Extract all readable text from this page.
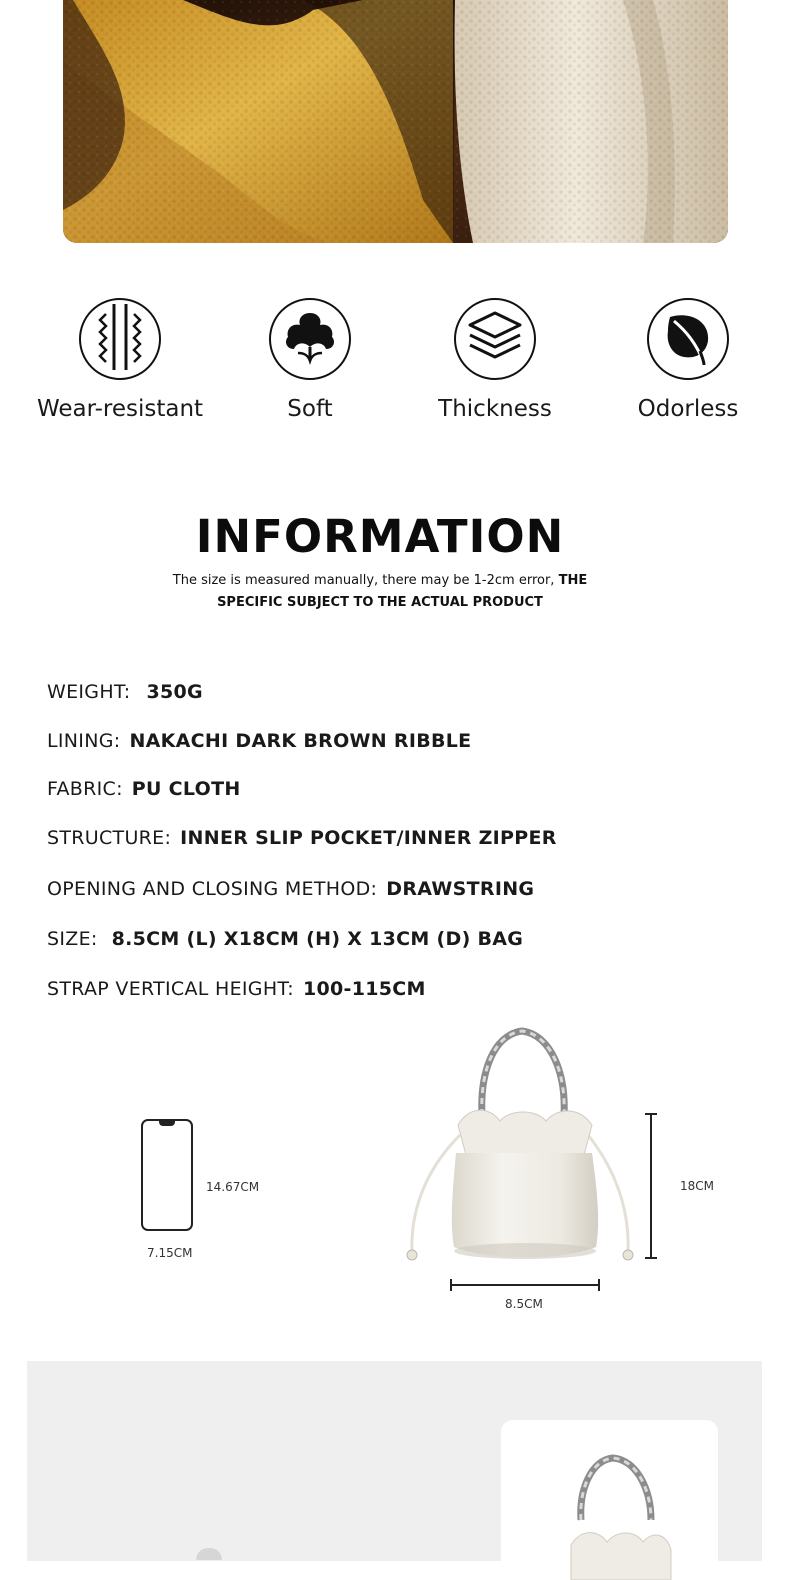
Wear-resistant	Soft	Thickness	Odorless
INFORMATION
The size is measured manually, there may be 1-2cm error, THE SPECIFIC SUBJECT TO THE ACTUAL PRODUCT
WEIGHT: 350G
LINING: NAKACHI DARK BROWN RIBBLE
FABRIC: PU CLOTH
STRUCTURE: INNER SLIP POCKET/INNER ZIPPER
OPENING AND CLOSING METHOD: DRAWSTRING
SIZE: 8.5CM (L) X18CM (H) X 13CM (D) BAG
STRAP VERTICAL HEIGHT: 100-115CM
14.67CM
7.15CM
18CM
8.5CM
